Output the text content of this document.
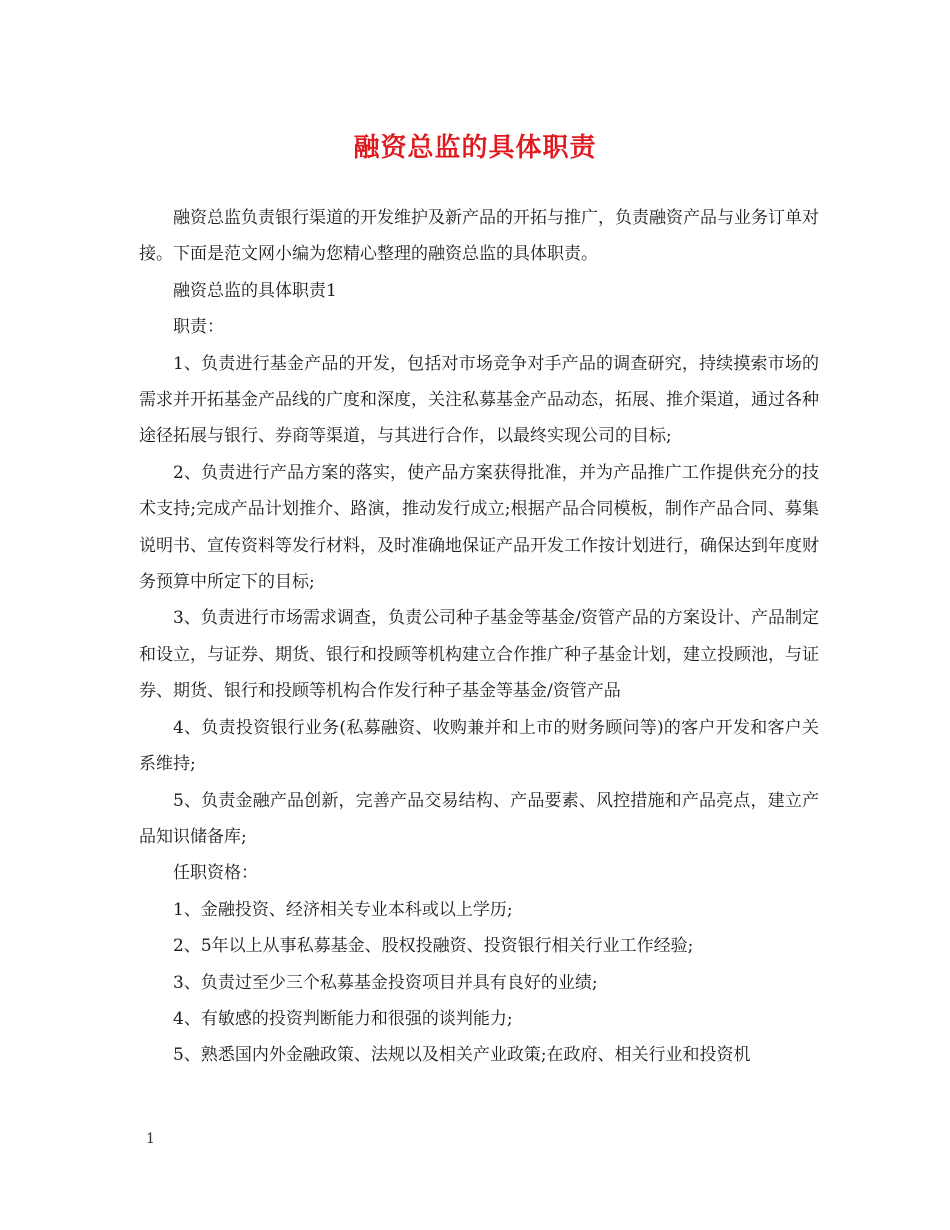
融资总监的具体职责

融资总监负责银行渠道的开发维护及新产品的开拓与推广，负责融资产品与业务订单对接。下面是范文网小编为您精心整理的融资总监的具体职责。

融资总监的具体职责1

职责：

1、负责进行基金产品的开发，包括对市场竞争对手产品的调查研究，持续摸索市场的需求并开拓基金产品线的广度和深度，关注私募基金产品动态，拓展、推介渠道，通过各种途径拓展与银行、券商等渠道，与其进行合作，以最终实现公司的目标;

2、负责进行产品方案的落实，使产品方案获得批准，并为产品推广工作提供充分的技术支持;完成产品计划推介、路演，推动发行成立;根据产品合同模板，制作产品合同、募集说明书、宣传资料等发行材料，及时准确地保证产品开发工作按计划进行，确保达到年度财务预算中所定下的目标;

3、负责进行市场需求调查，负责公司种子基金等基金/资管产品的方案设计、产品制定和设立，与证券、期货、银行和投顾等机构建立合作推广种子基金计划，建立投顾池，与证券、期货、银行和投顾等机构合作发行种子基金等基金/资管产品

4、负责投资银行业务(私募融资、收购兼并和上市的财务顾问等)的客户开发和客户关系维持;

5、负责金融产品创新，完善产品交易结构、产品要素、风控措施和产品亮点，建立产品知识储备库;

任职资格：

1、金融投资、经济相关专业本科或以上学历;

2、5年以上从事私募基金、股权投融资、投资银行相关行业工作经验;

3、负责过至少三个私募基金投资项目并具有良好的业绩;

4、有敏感的投资判断能力和很强的谈判能力;

5、熟悉国内外金融政策、法规以及相关产业政策;在政府、相关行业和投资机

1
